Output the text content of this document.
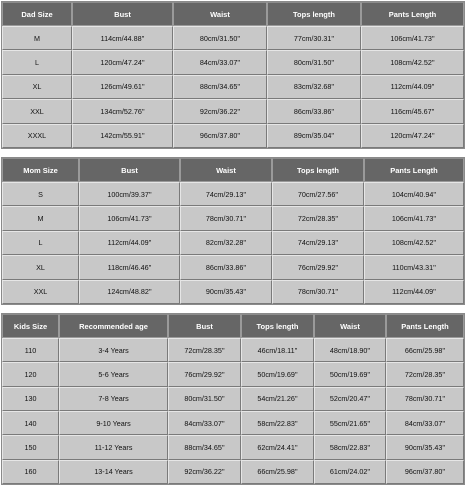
Dad Size	Bust	Waist	Tops length	Pants Length
M	114cm/44.88''	80cm/31.50''	77cm/30.31''	106cm/41.73''
L	120cm/47.24''	84cm/33.07''	80cm/31.50''	108cm/42.52''
XL	126cm/49.61''	88cm/34.65''	83cm/32.68''	112cm/44.09''
XXL	134cm/52.76''	92cm/36.22''	86cm/33.86''	116cm/45.67''
XXXL	142cm/55.91''	96cm/37.80''	89cm/35.04''	120cm/47.24''
Mom Size	Bust	Waist	Tops length	Pants Length
S	100cm/39.37''	74cm/29.13''	70cm/27.56''	104cm/40.94''
M	106cm/41.73''	78cm/30.71''	72cm/28.35''	106cm/41.73''
L	112cm/44.09''	82cm/32.28''	74cm/29.13''	108cm/42.52''
XL	118cm/46.46''	86cm/33.86''	76cm/29.92''	110cm/43.31''
XXL	124cm/48.82''	90cm/35.43''	78cm/30.71''	112cm/44.09''
Kids Size	Recommended age	Bust	Tops length	Waist	Pants Length
110	3-4 Years	72cm/28.35''	46cm/18.11''	48cm/18.90''	66cm/25.98''
120	5-6 Years	76cm/29.92''	50cm/19.69''	50cm/19.69''	72cm/28.35''
130	7-8 Years	80cm/31.50''	54cm/21.26''	52cm/20.47''	78cm/30.71''
140	9-10 Years	84cm/33.07''	58cm/22.83''	55cm/21.65''	84cm/33.07''
150	11-12 Years	88cm/34.65''	62cm/24.41''	58cm/22.83''	90cm/35.43''
160	13-14 Years	92cm/36.22''	66cm/25.98''	61cm/24.02''	96cm/37.80''
